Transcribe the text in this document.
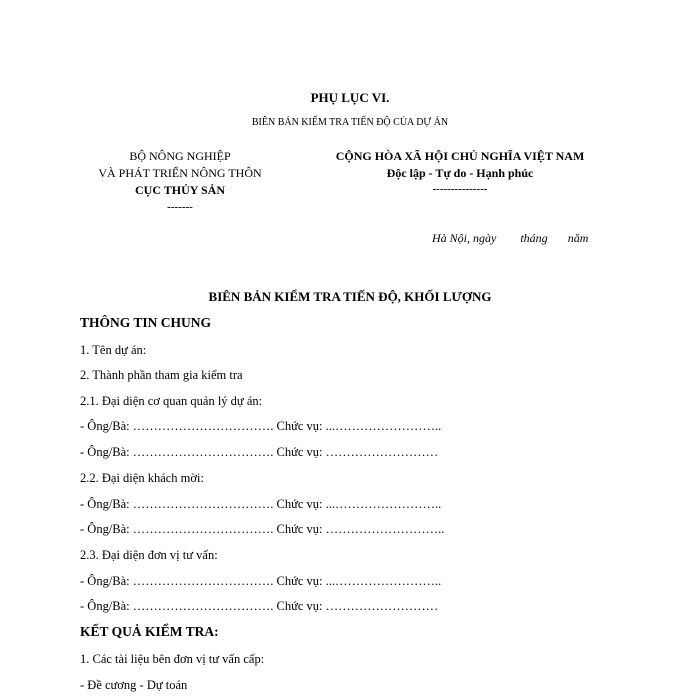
PHỤ LỤC VI.
BIÊN BẢN KIỂM TRA TIẾN ĐỘ CỦA DỰ ÁN
BỘ NÔNG NGHIỆP
VÀ PHÁT TRIỂN NÔNG THÔN
CỤC THỦY SẢN
-------
CỘNG HÒA XÃ HỘI CHỦ NGHĨA VIỆT NAM
Độc lập - Tự do - Hạnh phúc
---------------
Hà Nội, ngày tháng năm
BIÊN BẢN KIỂM TRA TIẾN ĐỘ, KHỐI LƯỢNG
THÔNG TIN CHUNG
1. Tên dự án:
2. Thành phần tham gia kiểm tra
2.1. Đại diện cơ quan quản lý dự án:
- Ông/Bà: ……………………………. Chức vụ: ...……………………..
- Ông/Bà: ……………………………. Chức vụ: ………………………
2.2. Đại diện khách mời:
- Ông/Bà: ……………………………. Chức vụ: ...……………………..
- Ông/Bà: ……………………………. Chức vụ: ………………………..
2.3. Đại diện đơn vị tư vấn:
- Ông/Bà: ……………………………. Chức vụ: ...……………………..
- Ông/Bà: ……………………………. Chức vụ: ………………………
KẾT QUẢ KIỂM TRA:
1. Các tài liệu bên đơn vị tư vấn cấp:
- Đề cương - Dự toán
